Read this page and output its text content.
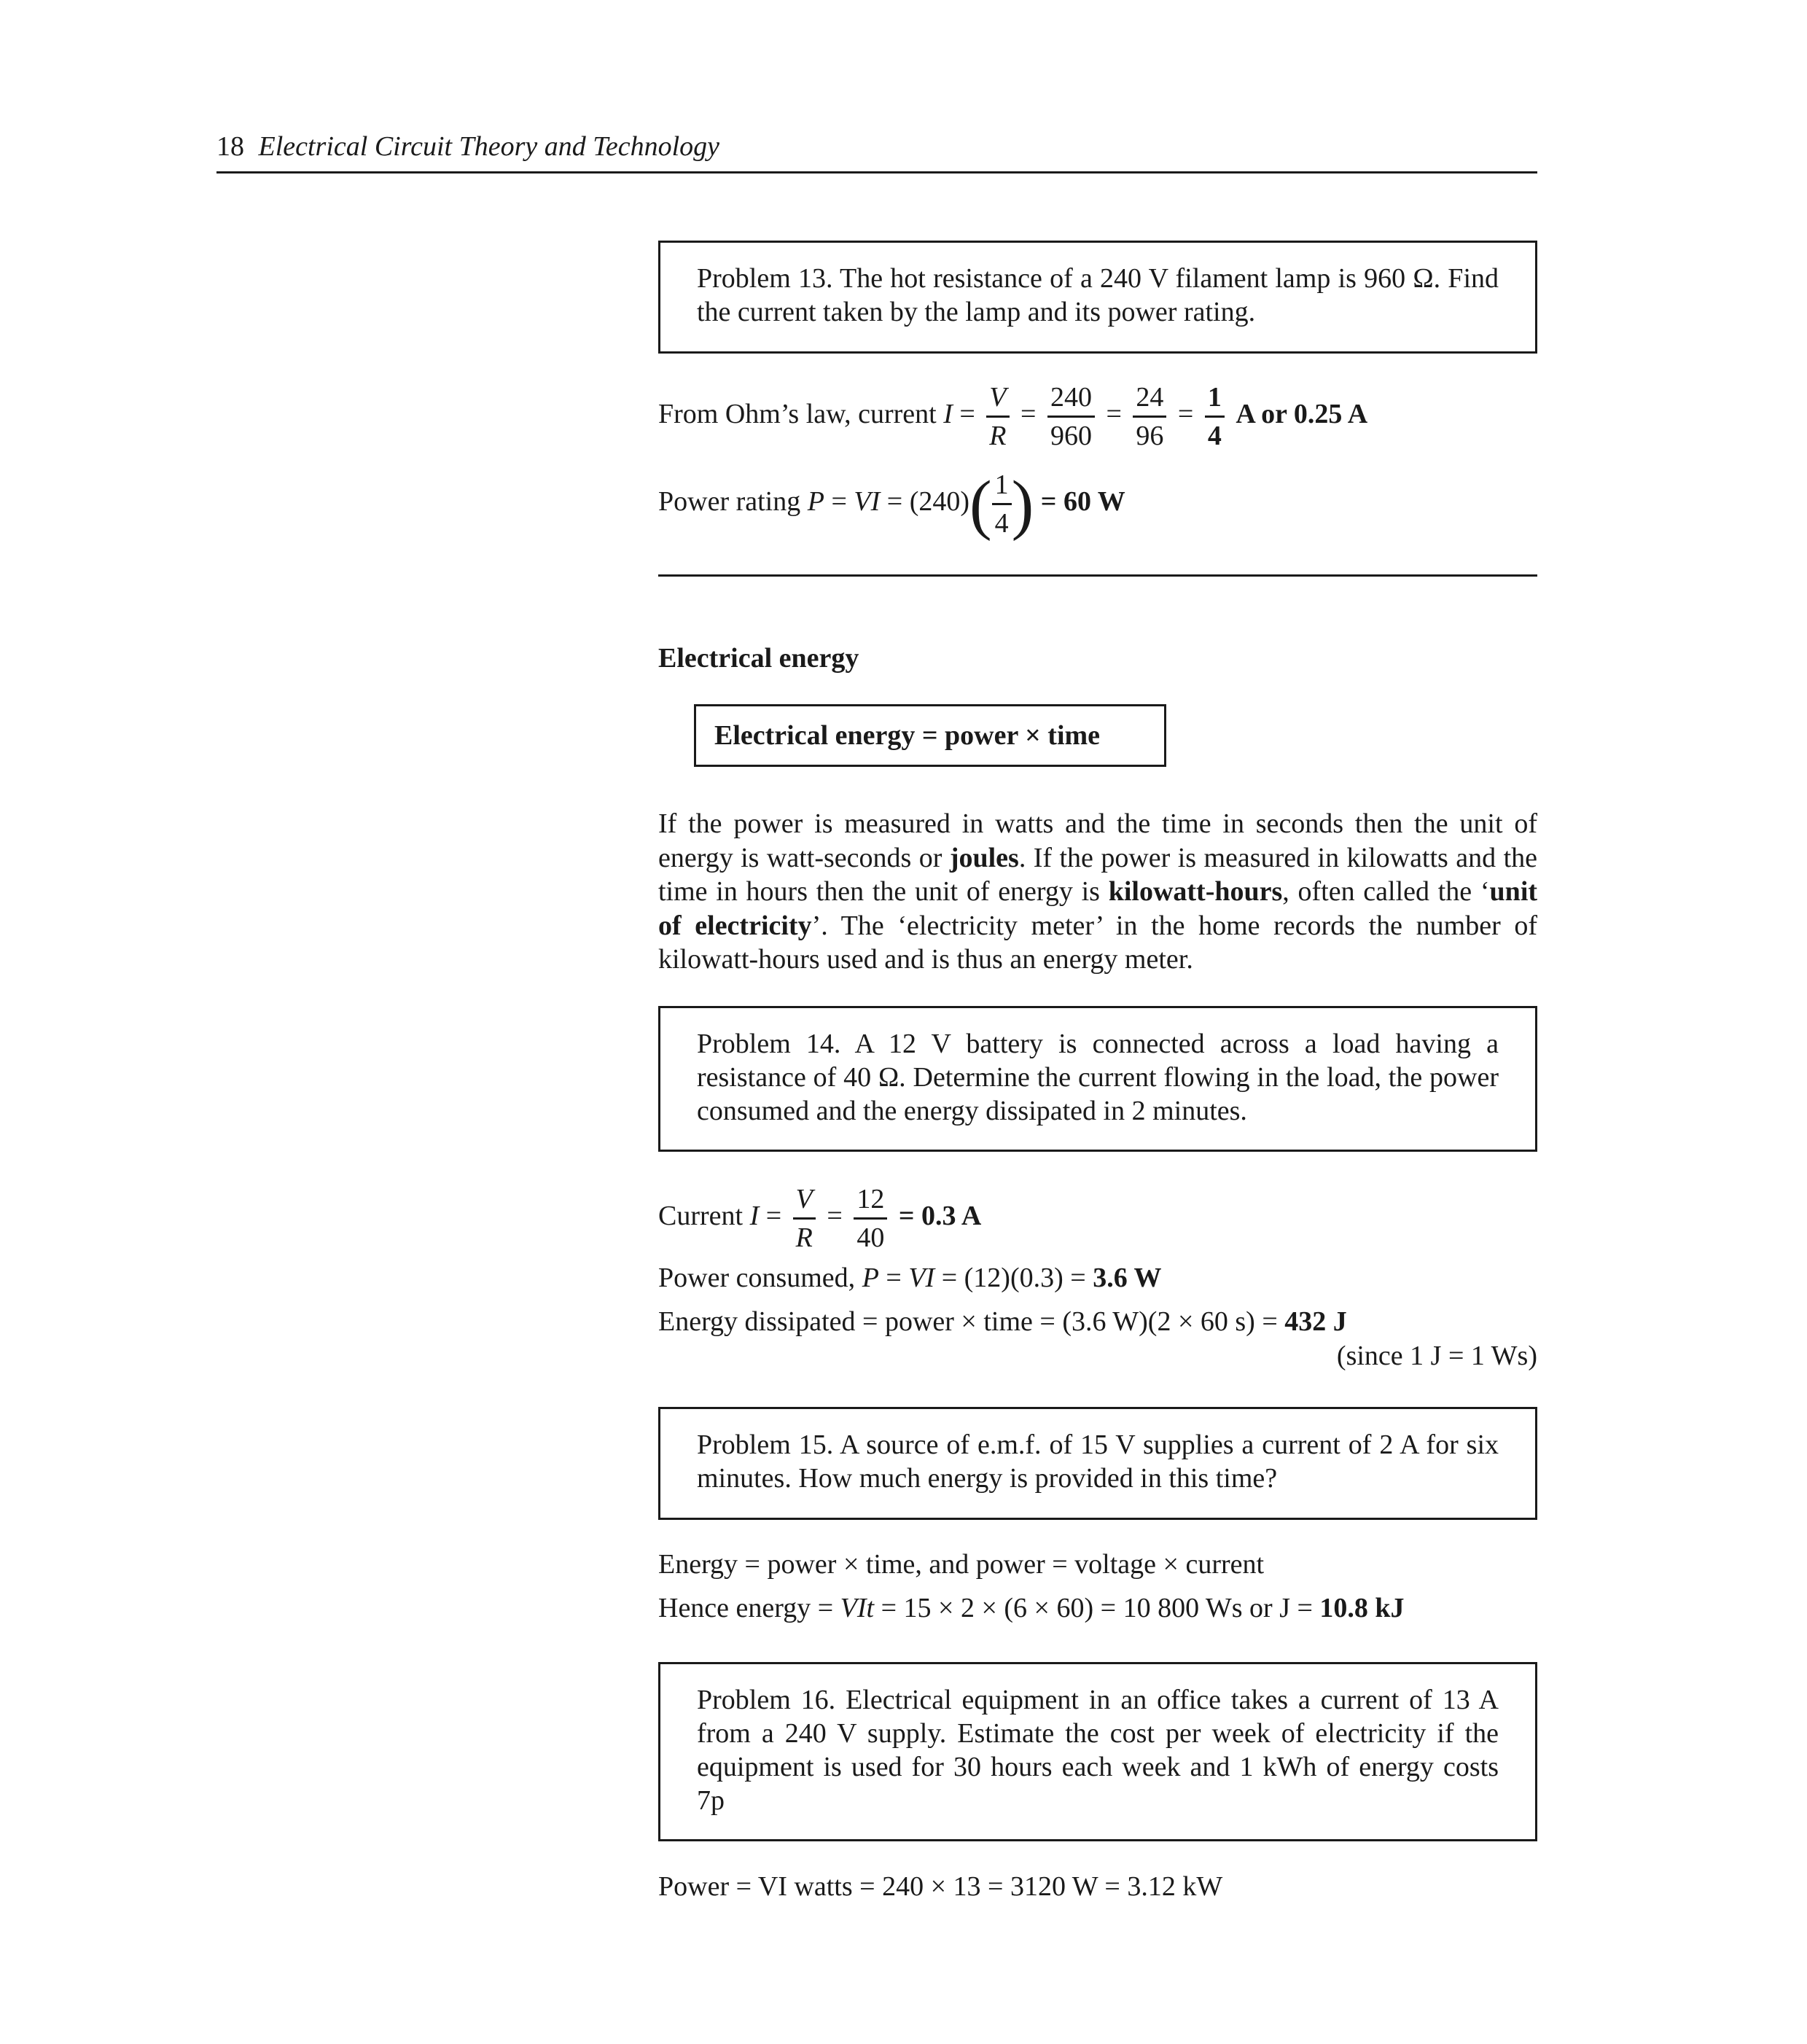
18 Electrical Circuit Theory and Technology

Problem 13. The hot resistance of a 240 V filament lamp is 960 Ω. Find the current taken by the lamp and its power rating.

From Ohm’s law, current $I = \frac{V}{R} = \frac{240}{960} = \frac{24}{96} = \frac{1}{4}$ A or 0.25 A
Power rating P = VI = $(240)( \frac{1}{4}$ ) = 60 W
Electrical energy
Electrical energy = power × time
If the power is measured in watts and the time in seconds then the unit of energy is watt-seconds or joules. If the power is measured in kilowatts and the time in hours then the unit of energy is kilowatt-hours, often called the ‘unit of electricity’. The ‘electricity meter’ in the home records the number of kilowatt-hours used and is thus an energy meter.

Problem 14. A 12 V battery is connected across a load having a resistance of 40 Ω. Determine the current flowing in the load, the power consumed and the energy dissipated in 2 minutes.

Current $I = \frac{V}{R} = \frac{12}{40} = 0.3$ A
Power consumed, P = VI = (12)(0.3) = 3.6 W
Energy dissipated = power × time = (3.6 W)(2 × 60 s) = 432 J
(since 1 J = 1 Ws)

Problem 15. A source of e.m.f. of 15 V supplies a current of 2 A for six minutes. How much energy is provided in this time?

Energy = power × time, and power = voltage × current
Hence energy = VIt = 15 × 2 × (6 × 60) = 10 800 Ws or J = 10.8 kJ

Problem 16. Electrical equipment in an office takes a current of 13 A from a 240 V supply. Estimate the cost per week of electricity if the equipment is used for 30 hours each week and 1 kWh of energy costs 7p

Power = VI watts = 240 × 13 = 3120 W = 3.12 kW
